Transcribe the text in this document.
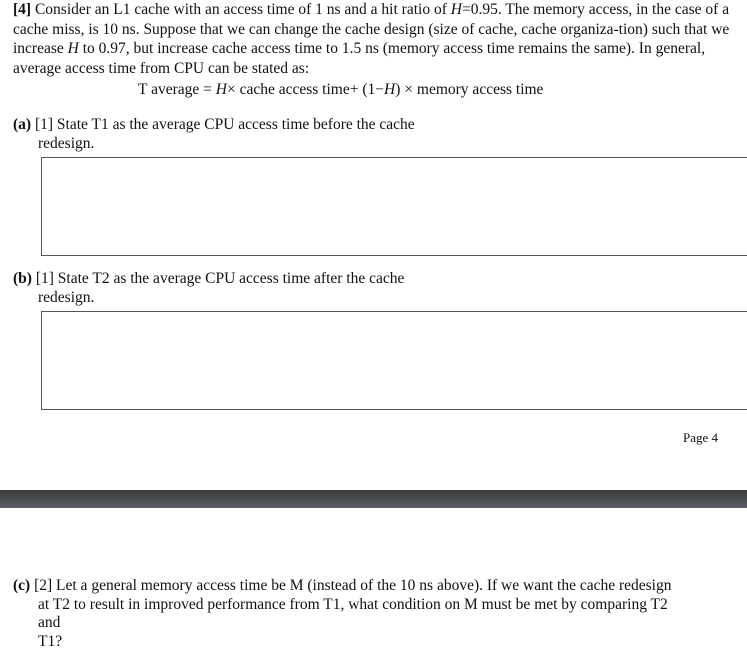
[4] Consider an L1 cache with an access time of 1 ns and a hit ratio of H=0.95. The memory access, in the case of a cache miss, is 10 ns. Suppose that we can change the cache design (size of cache, cache organiza-tion) such that we increase H to 0.97, but increase cache access time to 1.5 ns (memory access time remains the same). In general, average access time from CPU can be stated as:
T average = H× cache access time+ (1−H) × memory access time
(a) [1] State T1 as the average CPU access time before the cache
redesign.
(b) [1] State T2 as the average CPU access time after the cache
redesign.
Page 4
(c) [2] Let a general memory access time be M (instead of the 10 ns above). If we want the cache redesign
at T2 to result in improved performance from T1, what condition on M must be met by comparing T2
and
T1?
